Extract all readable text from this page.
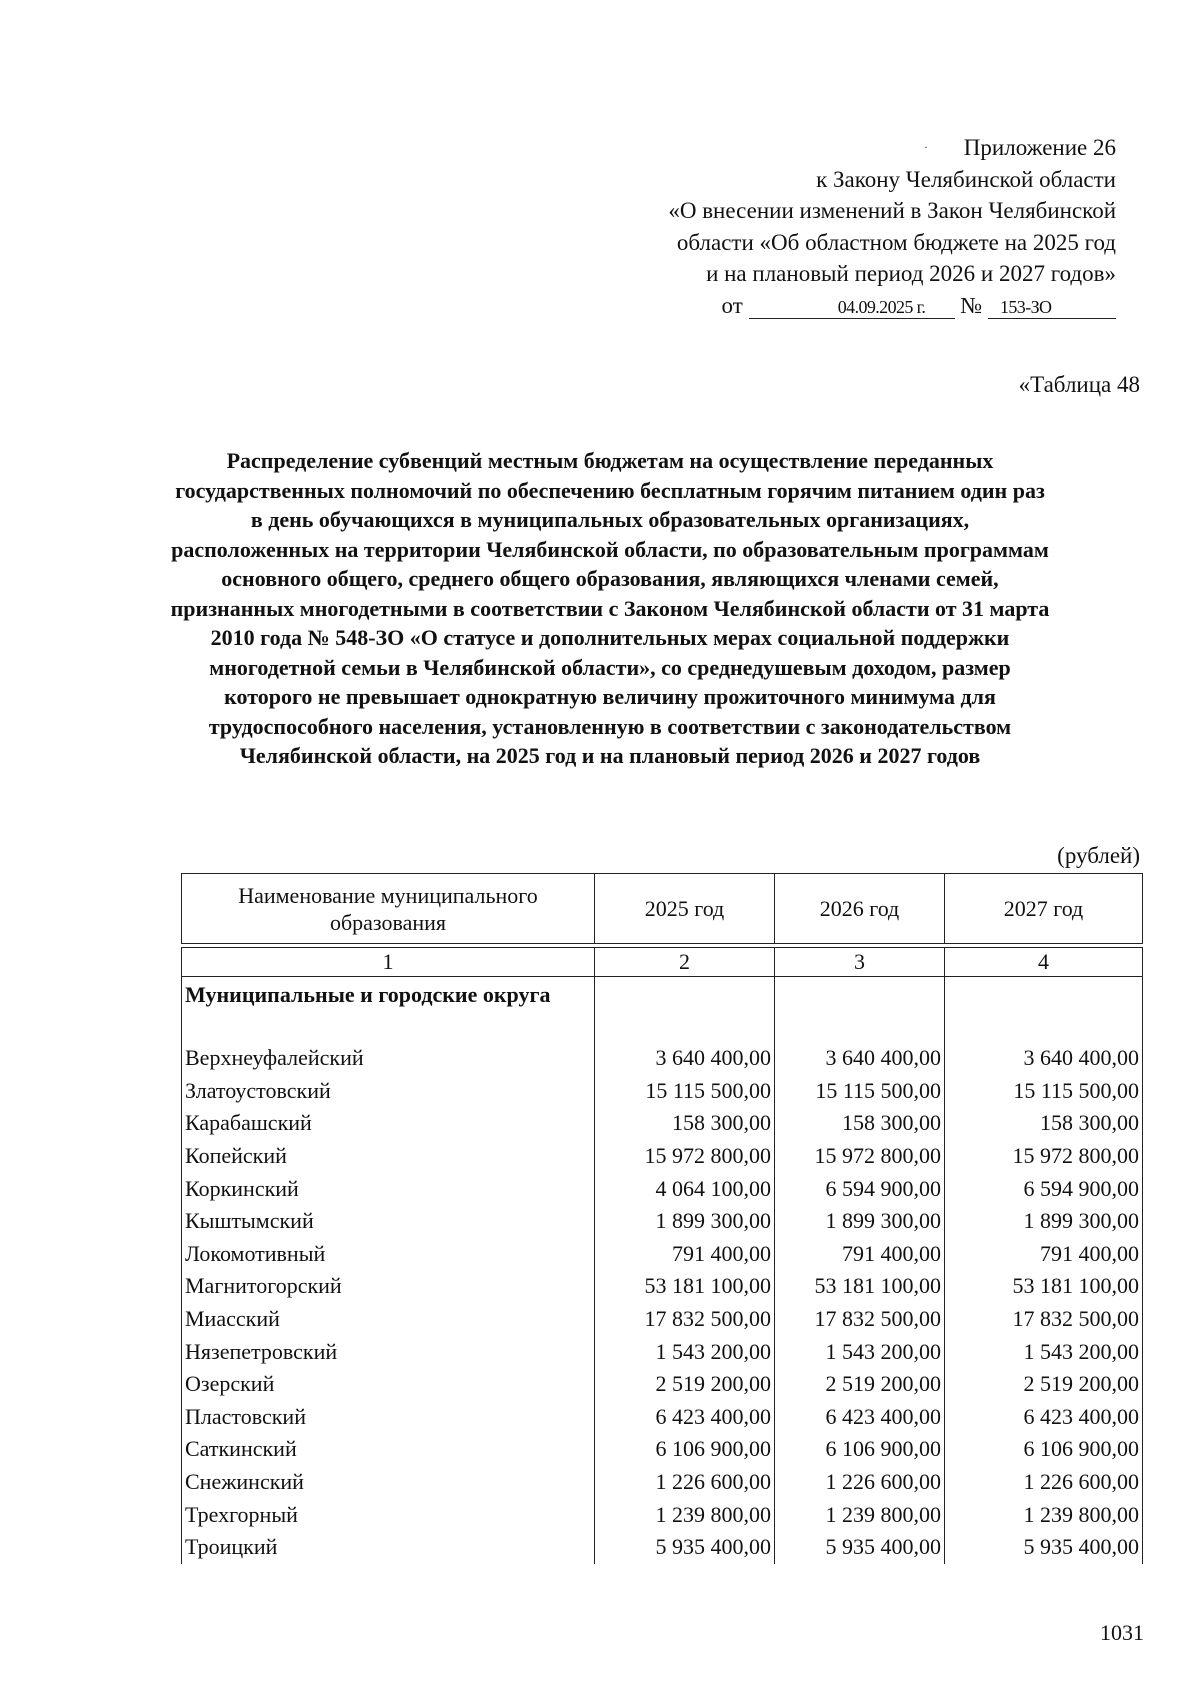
·	Приложение 26
к Закону Челябинской области
«О внесении изменений в Закон Челябинской
области «Об областном бюджете на 2025 год
и на плановый период 2026 и 2027 годов»
от	04.09.2025 г. № 153-ЗО
«Таблица 48
Распределение субвенций местным бюджетам на осуществление переданных государственных полномочий по обеспечению бесплатным горячим питанием один раз в день обучающихся в муниципальных образовательных организациях, расположенных на территории Челябинской области, по образовательным программам основного общего, среднего общего образования, являющихся членами семей, признанных многодетными в соответствии с Законом Челябинской области от 31 марта 2010 года № 548-ЗО «О статусе и дополнительных мерах социальной поддержки многодетной семьи в Челябинской области», со среднедушевым доходом, размер которого не превышает однократную величину прожиточного минимума для трудоспособного населения, установленную в соответствии с законодательством Челябинской области, на 2025 год и на плановый период 2026 и 2027 годов
(рублей)
Наименование муниципального образования	2025 год	2026 год	2027 год

1	2	3	4
Муниципальные и городские округа			
Верхнеуфалейский	3 640 400,00	3 640 400,00	3 640 400,00
Златоустовский	15 115 500,00	15 115 500,00	15 115 500,00
Карабашский	158 300,00	158 300,00	158 300,00
Копейский	15 972 800,00	15 972 800,00	15 972 800,00
Коркинский	4 064 100,00	6 594 900,00	6 594 900,00
Кыштымский	1 899 300,00	1 899 300,00	1 899 300,00
Локомотивный	791 400,00	791 400,00	791 400,00
Магнитогорский	53 181 100,00	53 181 100,00	53 181 100,00
Миасский	17 832 500,00	17 832 500,00	17 832 500,00
Нязепетровский	1 543 200,00	1 543 200,00	1 543 200,00
Озерский	2 519 200,00	2 519 200,00	2 519 200,00
Пластовский	6 423 400,00	6 423 400,00	6 423 400,00
Саткинский	6 106 900,00	6 106 900,00	6 106 900,00
Снежинский	1 226 600,00	1 226 600,00	1 226 600,00
Трехгорный	1 239 800,00	1 239 800,00	1 239 800,00
Троицкий	5 935 400,00	5 935 400,00	5 935 400,00
1031
